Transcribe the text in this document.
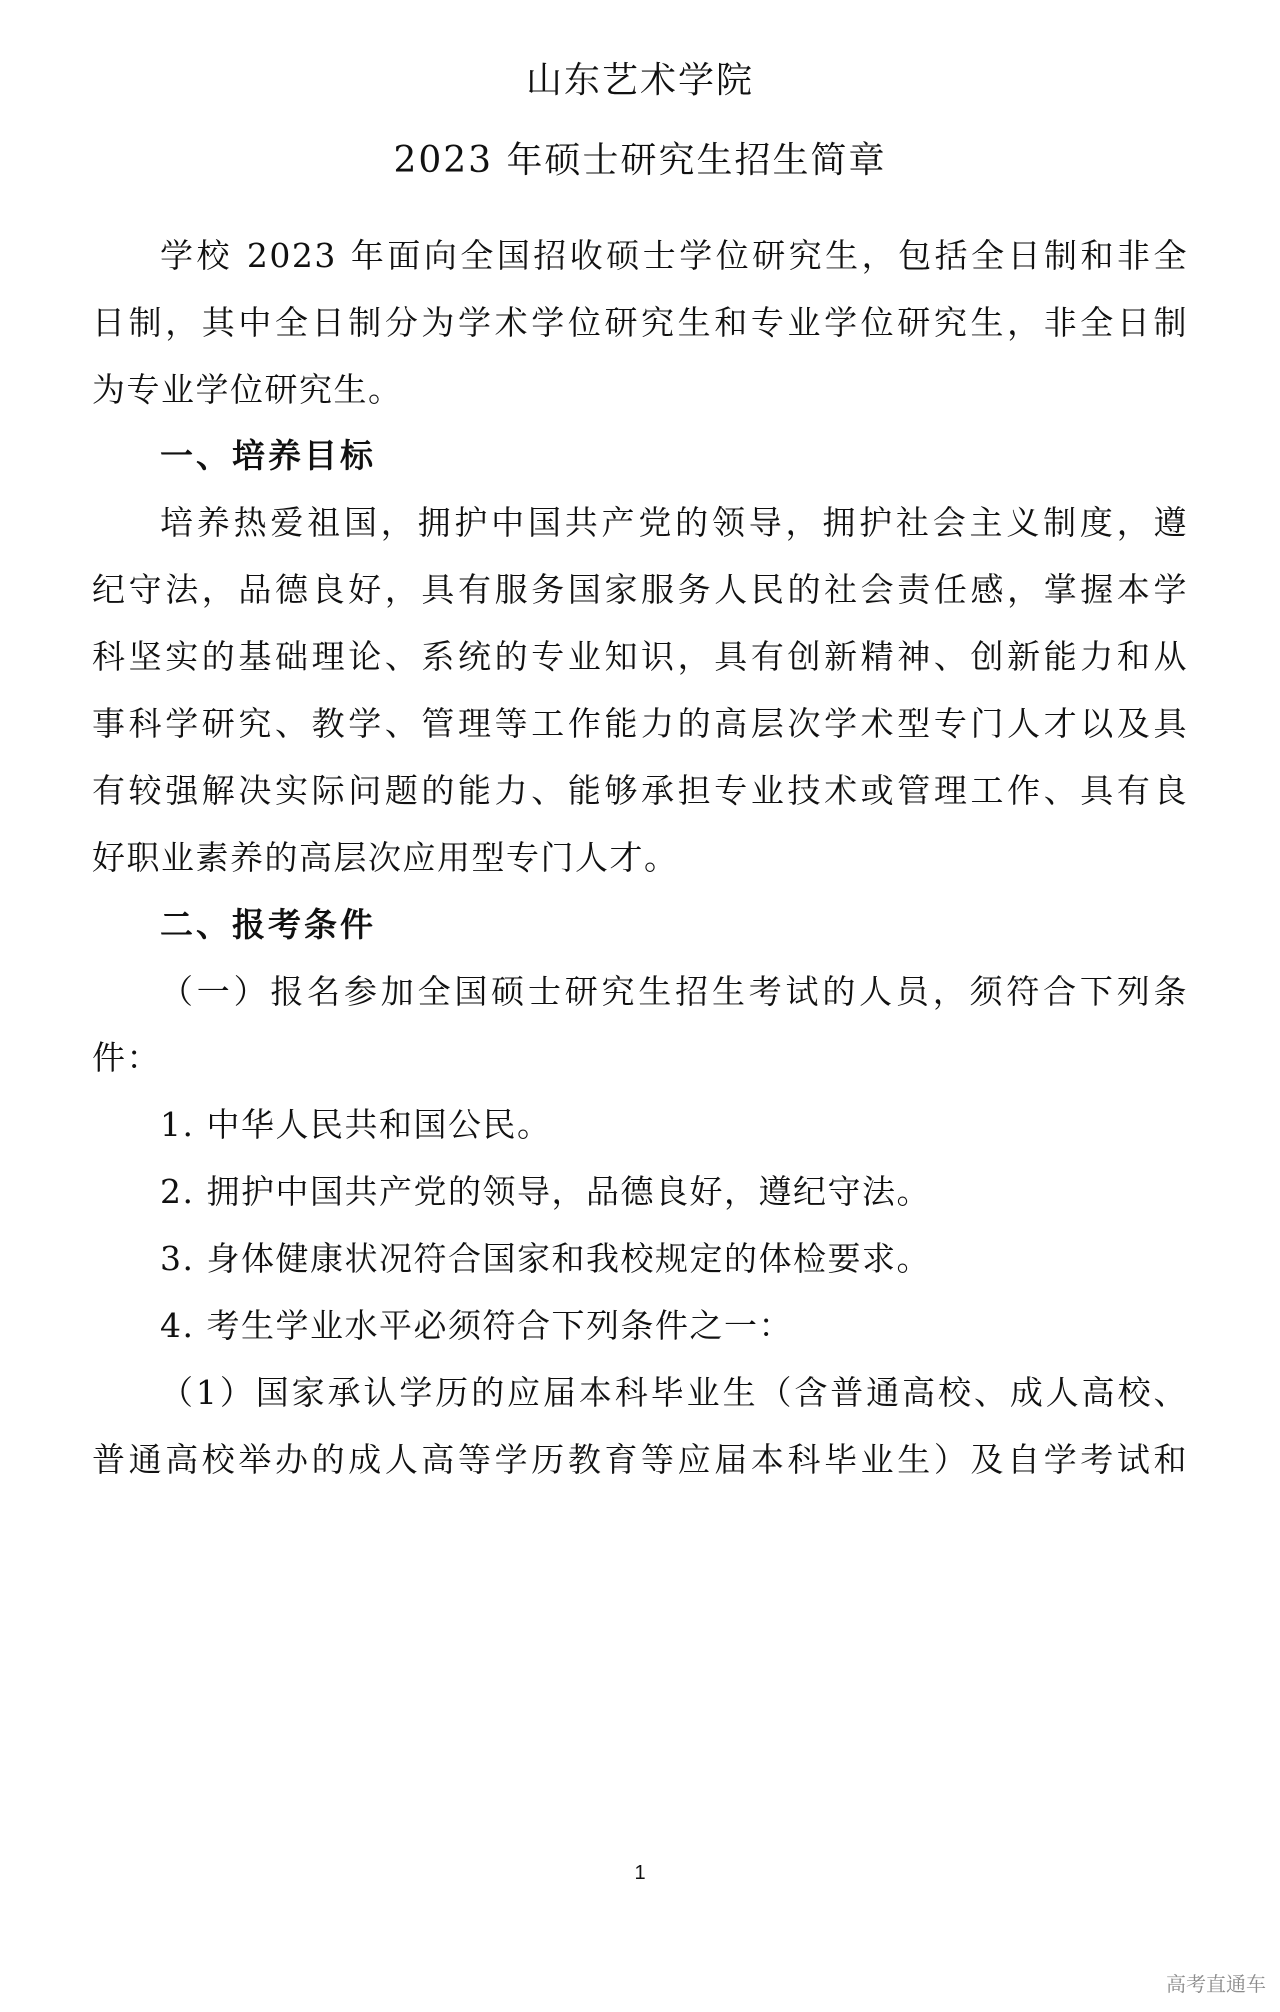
山东艺术学院
2023 年硕士研究生招生简章

学校 2023 年面向全国招收硕士学位研究生，包括全日制和非全

日制，其中全日制分为学术学位研究生和专业学位研究生，非全日制

为专业学位研究生。

一、培养目标

培养热爱祖国，拥护中国共产党的领导，拥护社会主义制度，遵

纪守法，品德良好，具有服务国家服务人民的社会责任感，掌握本学

科坚实的基础理论、系统的专业知识，具有创新精神、创新能力和从

事科学研究、教学、管理等工作能力的高层次学术型专门人才以及具

有较强解决实际问题的能力、能够承担专业技术或管理工作、具有良

好职业素养的高层次应用型专门人才。

二、报考条件

（一）报名参加全国硕士研究生招生考试的人员，须符合下列条

件：

1. 中华人民共和国公民。

2. 拥护中国共产党的领导，品德良好，遵纪守法。

3. 身体健康状况符合国家和我校规定的体检要求。

4. 考生学业水平必须符合下列条件之一：

（1）国家承认学历的应届本科毕业生（含普通高校、成人高校、

普通高校举办的成人高等学历教育等应届本科毕业生）及自学考试和

1

高考直通车
